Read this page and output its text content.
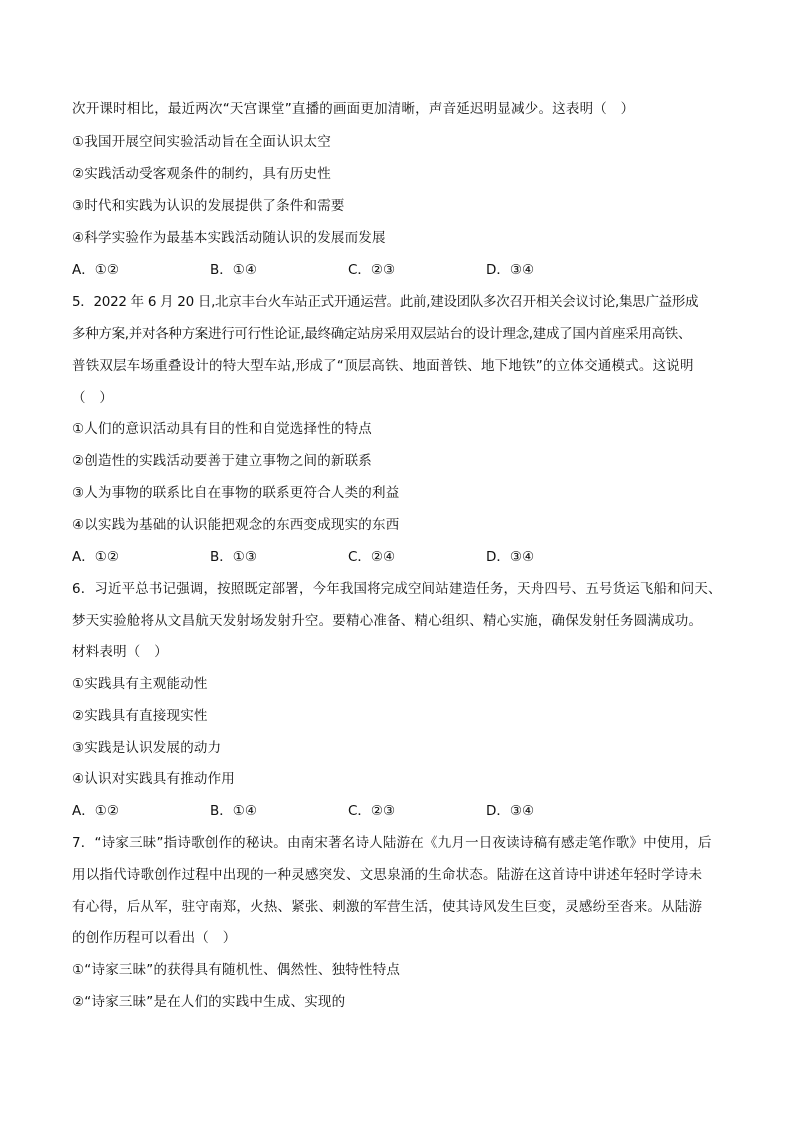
次开课时相比，最近两次“天宫课堂”直播的画面更加清晰，声音延迟明显减少。这表明（　）
①我国开展空间实验活动旨在全面认识太空
②实践活动受客观条件的制约，具有历史性
③时代和实践为认识的发展提供了条件和需要
④科学实验作为最基本实践活动随认识的发展而发展
A．①②	B．①④	C．②③	D．③④
5．2022 年 6 月 20 日,北京丰台火车站正式开通运营。此前,建设团队多次召开相关会议讨论,集思广益形成
多种方案,并对各种方案进行可行性论证,最终确定站房采用双层站台的设计理念,建成了国内首座采用高铁、
普铁双层车场重叠设计的特大型车站,形成了“顶层高铁、地面普铁、地下地铁”的立体交通模式。这说明
（　）
①人们的意识活动具有目的性和自觉选择性的特点
②创造性的实践活动要善于建立事物之间的新联系
③人为事物的联系比自在事物的联系更符合人类的利益
④以实践为基础的认识能把观念的东西变成现实的东西
A．①②	B．①③	C．②④	D．③④
6．习近平总书记强调，按照既定部署，今年我国将完成空间站建造任务，天舟四号、五号货运飞船和问天、
梦天实验舱将从文昌航天发射场发射升空。要精心准备、精心组织、精心实施，确保发射任务圆满成功。
材料表明（　）
①实践具有主观能动性
②实践具有直接现实性
③实践是认识发展的动力
④认识对实践具有推动作用
A．①②	B．①④	C．②③	D．③④
7．“诗家三昧”指诗歌创作的秘诀。由南宋著名诗人陆游在《九月一日夜读诗稿有感走笔作歌》中使用，后
用以指代诗歌创作过程中出现的一种灵感突发、文思泉涌的生命状态。陆游在这首诗中讲述年轻时学诗未
有心得，后从军，驻守南郑，火热、紧张、刺激的军营生活，使其诗风发生巨变，灵感纷至沓来。从陆游
的创作历程可以看出（　）
①“诗家三昧”的获得具有随机性、偶然性、独特性特点
②“诗家三昧”是在人们的实践中生成、实现的
